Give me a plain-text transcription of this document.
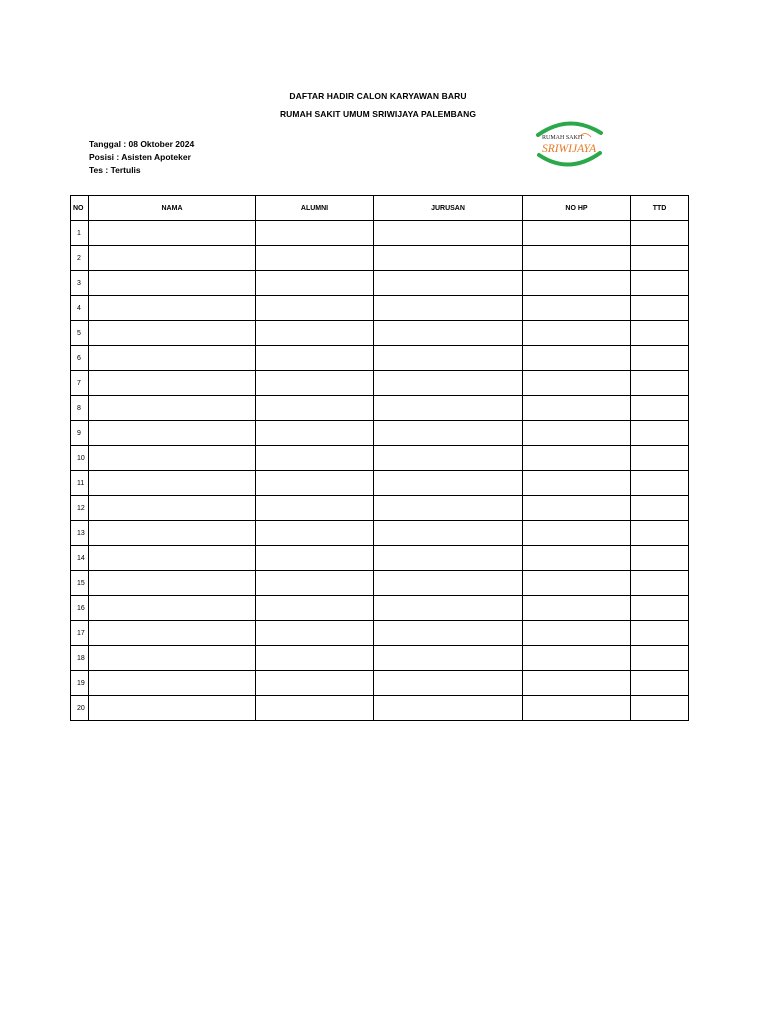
DAFTAR HADIR CALON KARYAWAN BARU
RUMAH SAKIT UMUM SRIWIJAYA PALEMBANG
Tanggal : 08 Oktober 2024
Posisi : Asisten Apoteker
Tes : Tertulis
RUMAH SAKIT
SRIWIJAYA
NO	NAMA	ALUMNI	JURUSAN	NO HP	TTD
1					
2					
3					
4					
5					
6					
7					
8					
9					
10					
11					
12					
13					
14					
15					
16					
17					
18					
19					
20					
